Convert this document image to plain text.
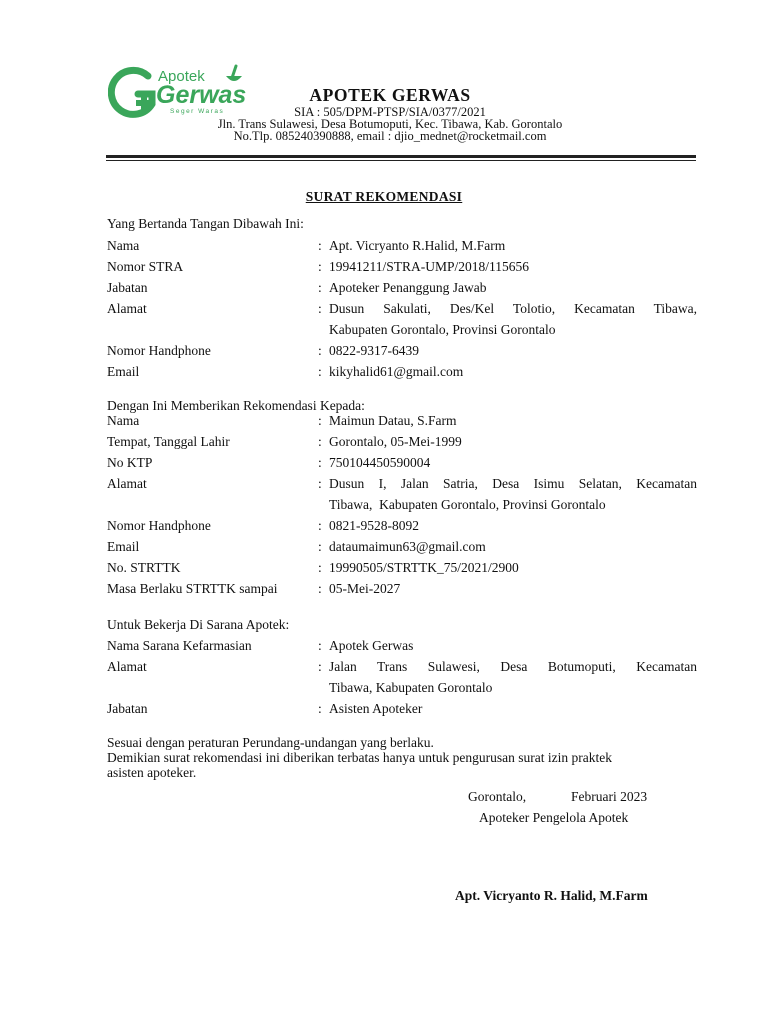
Apotek
Gerwas
Seger Waras
APOTEK GERWAS
SIA : 505/DPM-PTSP/SIA/0377/2021
Jln. Trans Sulawesi, Desa Botumoputi, Kec. Tibawa, Kab. Gorontalo
No.Tlp. 085240390888, email : djio_mednet@rocketmail.com
SURAT REKOMENDASI
Yang Bertanda Tangan Dibawah Ini:
Nama	: Apt. Vicryanto R.Halid, M.Farm
Nomor STRA	: 19941211/STRA-UMP/2018/115656
Jabatan	: Apoteker Penanggung Jawab
Alamat	: Dusun Sakulati, Des/Kel Tolotio, Kecamatan Tibawa,
Kabupaten Gorontalo, Provinsi Gorontalo
Nomor Handphone	: 0822-9317-6439
Email	: kikyhalid61@gmail.com
Dengan Ini Memberikan Rekomendasi Kepada:
Nama	: Maimun Datau, S.Farm
Tempat, Tanggal Lahir	: Gorontalo, 05-Mei-1999
No KTP	: 750104450590004
Alamat	: Dusun I, Jalan Satria, Desa Isimu Selatan, Kecamatan
Tibawa,  Kabupaten Gorontalo, Provinsi Gorontalo
Nomor Handphone	: 0821-9528-8092
Email	: dataumaimun63@gmail.com
No. STRTTK	: 19990505/STRTTK_75/2021/2900
Masa Berlaku STRTTK sampai	: 05-Mei-2027
Untuk Bekerja Di Sarana Apotek:
Nama Sarana Kefarmasian	: Apotek Gerwas
Alamat	: Jalan Trans Sulawesi, Desa Botumoputi, Kecamatan
Tibawa, Kabupaten Gorontalo
Jabatan	: Asisten Apoteker
Sesuai dengan peraturan Perundang-undangan yang berlaku.
Demikian surat rekomendasi ini diberikan terbatas hanya untuk pengurusan surat izin praktek
asisten apoteker.
Gorontalo,	Februari 2023
Apoteker Pengelola Apotek
Apt. Vicryanto R. Halid, M.Farm
